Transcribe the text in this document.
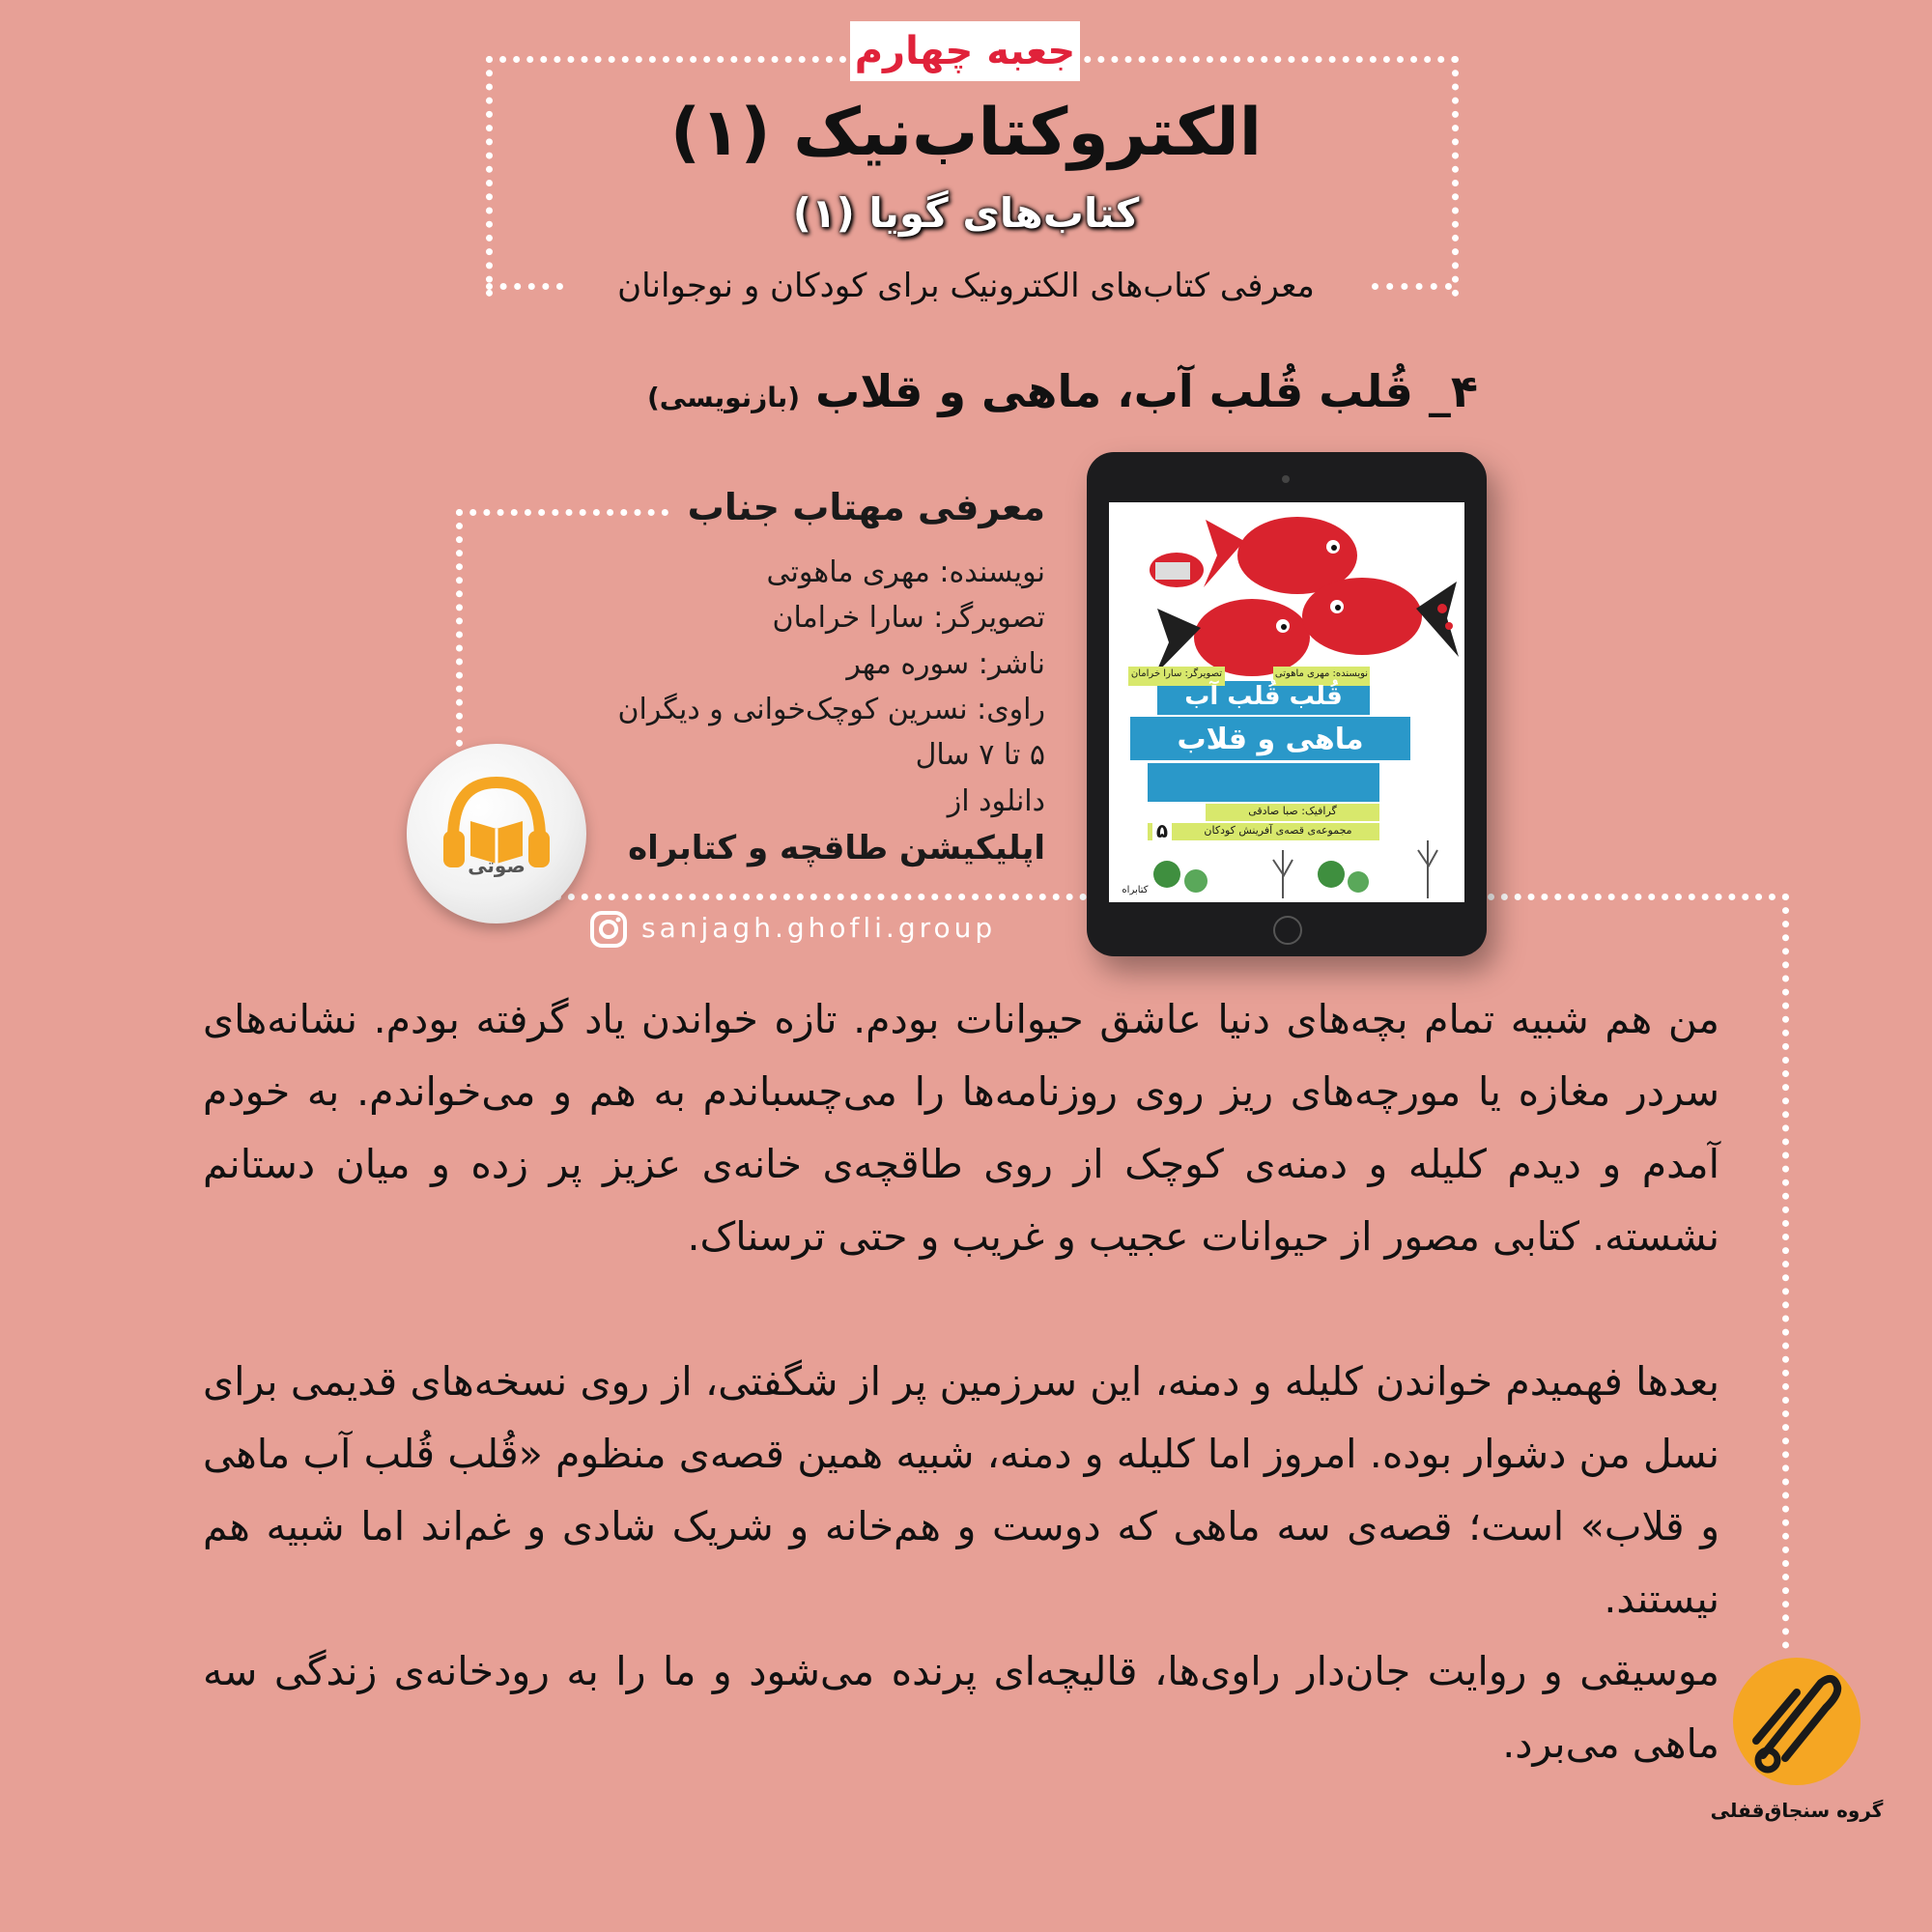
جعبه چهارم
الکتروکتاب‌نیک (۱)
کتاب‌های گویا (۱)
معرفی کتاب‌های الکترونیک برای کودکان و نوجوانان
۴_ قُلب قُلب آب، ماهی و قلاب (بازنویسی)
معرفی مهتاب جناب
نویسنده: مهری ماهوتی
تصویرگر: سارا خرامان
ناشر: سوره مهر
راوی: نسرین کوچک‌خوانی و دیگران
۵ تا ۷ سال
دانلود از
اپلیکیشن طاقچه و کتابراه
صوتی
sanjagh.ghofli.group
نویسنده: مهری ماهوتی
تصویرگر: سارا خرامان
قُلب قُلب آب
ماهی و قلاب
گرافیک: صبا صادقی
مجموعه‌ی قصه‌ی آفرینش کودکان
۵
کتابراه
من هم شبیه تمام بچه‌های دنیا عاشق حیوانات بودم. تازه خواندن یاد گرفته بودم. نشانه‌های سردر مغازه یا مورچه‌های ریز روی روزنامه‌ها را می‌چسباندم به هم و می‌خواندم. به خودم آمدم و دیدم کلیله و دمنه‌ی کوچک از روی طاقچه‌ی خانه‌ی عزیز پر زده و میان دستانم نشسته. کتابی مصور از حیوانات عجیب و غریب و حتی ترسناک.
بعدها فهمیدم خواندن کلیله و دمنه، این سرزمین پر از شگفتی، از روی نسخه‌های قدیمی برای نسل من دشوار بوده. امروز اما کلیله و دمنه، شبیه همین قصه‌ی منظوم «قُلب قُلب آب ماهی و قلاب» است؛ قصه‌ی سه ماهی که دوست و هم‌خانه و شریک شادی و غم‌اند اما شبیه هم نیستند.
موسیقی و روایت جان‌دار راوی‌ها، قالیچه‌ای پرنده می‌شود و ما را به رودخانه‌ی زندگی سه ماهی می‌برد.
گروه سنجاق‌قفلی
